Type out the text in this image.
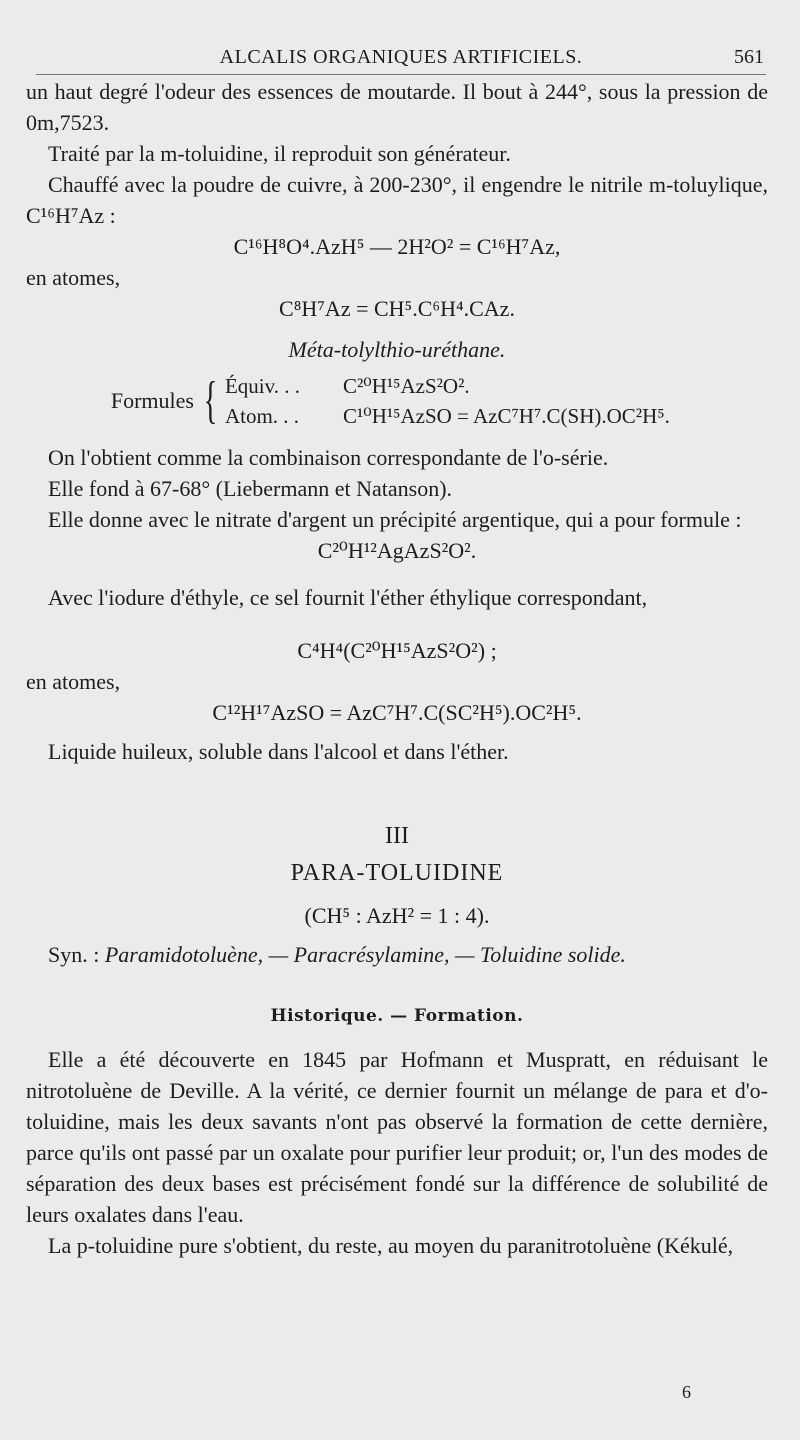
ALCALIS ORGANIQUES ARTIFICIELS.	561

un haut degré l'odeur des essences de moutarde. Il bout à 244°, sous la pression de 0m,7523.

Traité par la m-toluidine, il reproduit son générateur.

Chauffé avec la poudre de cuivre, à 200-230°, il engendre le nitrile m-toluylique, C¹⁶H⁷Az :

C¹⁶H⁸O⁴.AzH⁵ — 2H²O² = C¹⁶H⁷Az,

en atomes,

C⁸H⁷Az = CH⁵.C⁶H⁴.CAz.
Méta-tolylthio-uréthane.
Formules { Équiv. . .	C²⁰H¹⁵AzS²O².
Atom. . .	C¹⁰H¹⁵AzSO = AzC⁷H⁷.C(SH).OC²H⁵.

On l'obtient comme la combinaison correspondante de l'o-série.

Elle fond à 67-68° (Liebermann et Natanson).

Elle donne avec le nitrate d'argent un précipité argentique, qui a pour formule :

C²⁰H¹²AgAzS²O².

Avec l'iodure d'éthyle, ce sel fournit l'éther éthylique correspondant,

C⁴H⁴(C²⁰H¹⁵AzS²O²) ;

en atomes,

C¹²H¹⁷AzSO = AzC⁷H⁷.C(SC²H⁵).OC²H⁵.

Liquide huileux, soluble dans l'alcool et dans l'éther.

III
PARA-TOLUIDINE
(CH⁵ : AzH² = 1 : 4).

Syn. : Paramidotoluène, — Paracrésylamine, — Toluidine solide.

Historique. — Formation.

Elle a été découverte en 1845 par Hofmann et Muspratt, en réduisant le nitrotoluène de Deville. A la vérité, ce dernier fournit un mélange de para et d'o-toluidine, mais les deux savants n'ont pas observé la formation de cette dernière, parce qu'ils ont passé par un oxalate pour purifier leur produit; or, l'un des modes de séparation des deux bases est précisément fondé sur la différence de solubilité de leurs oxalates dans l'eau.

La p-toluidine pure s'obtient, du reste, au moyen du paranitrotoluène (Kékulé,

6
